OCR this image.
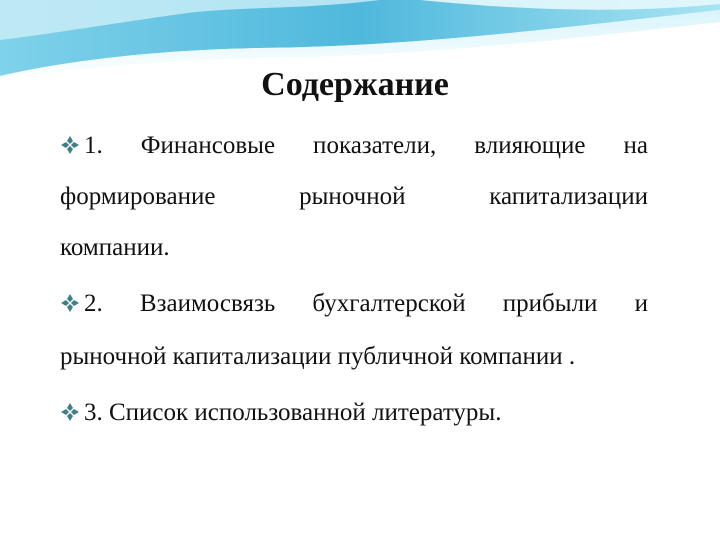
Содержание

1. Финансовые показатели, влияющие на

формирование рыночной капитализации

компании.

2. Взаимосвязь бухгалтерской прибыли и

рыночной капитализации публичной компании .

3. Список использованной литературы.
